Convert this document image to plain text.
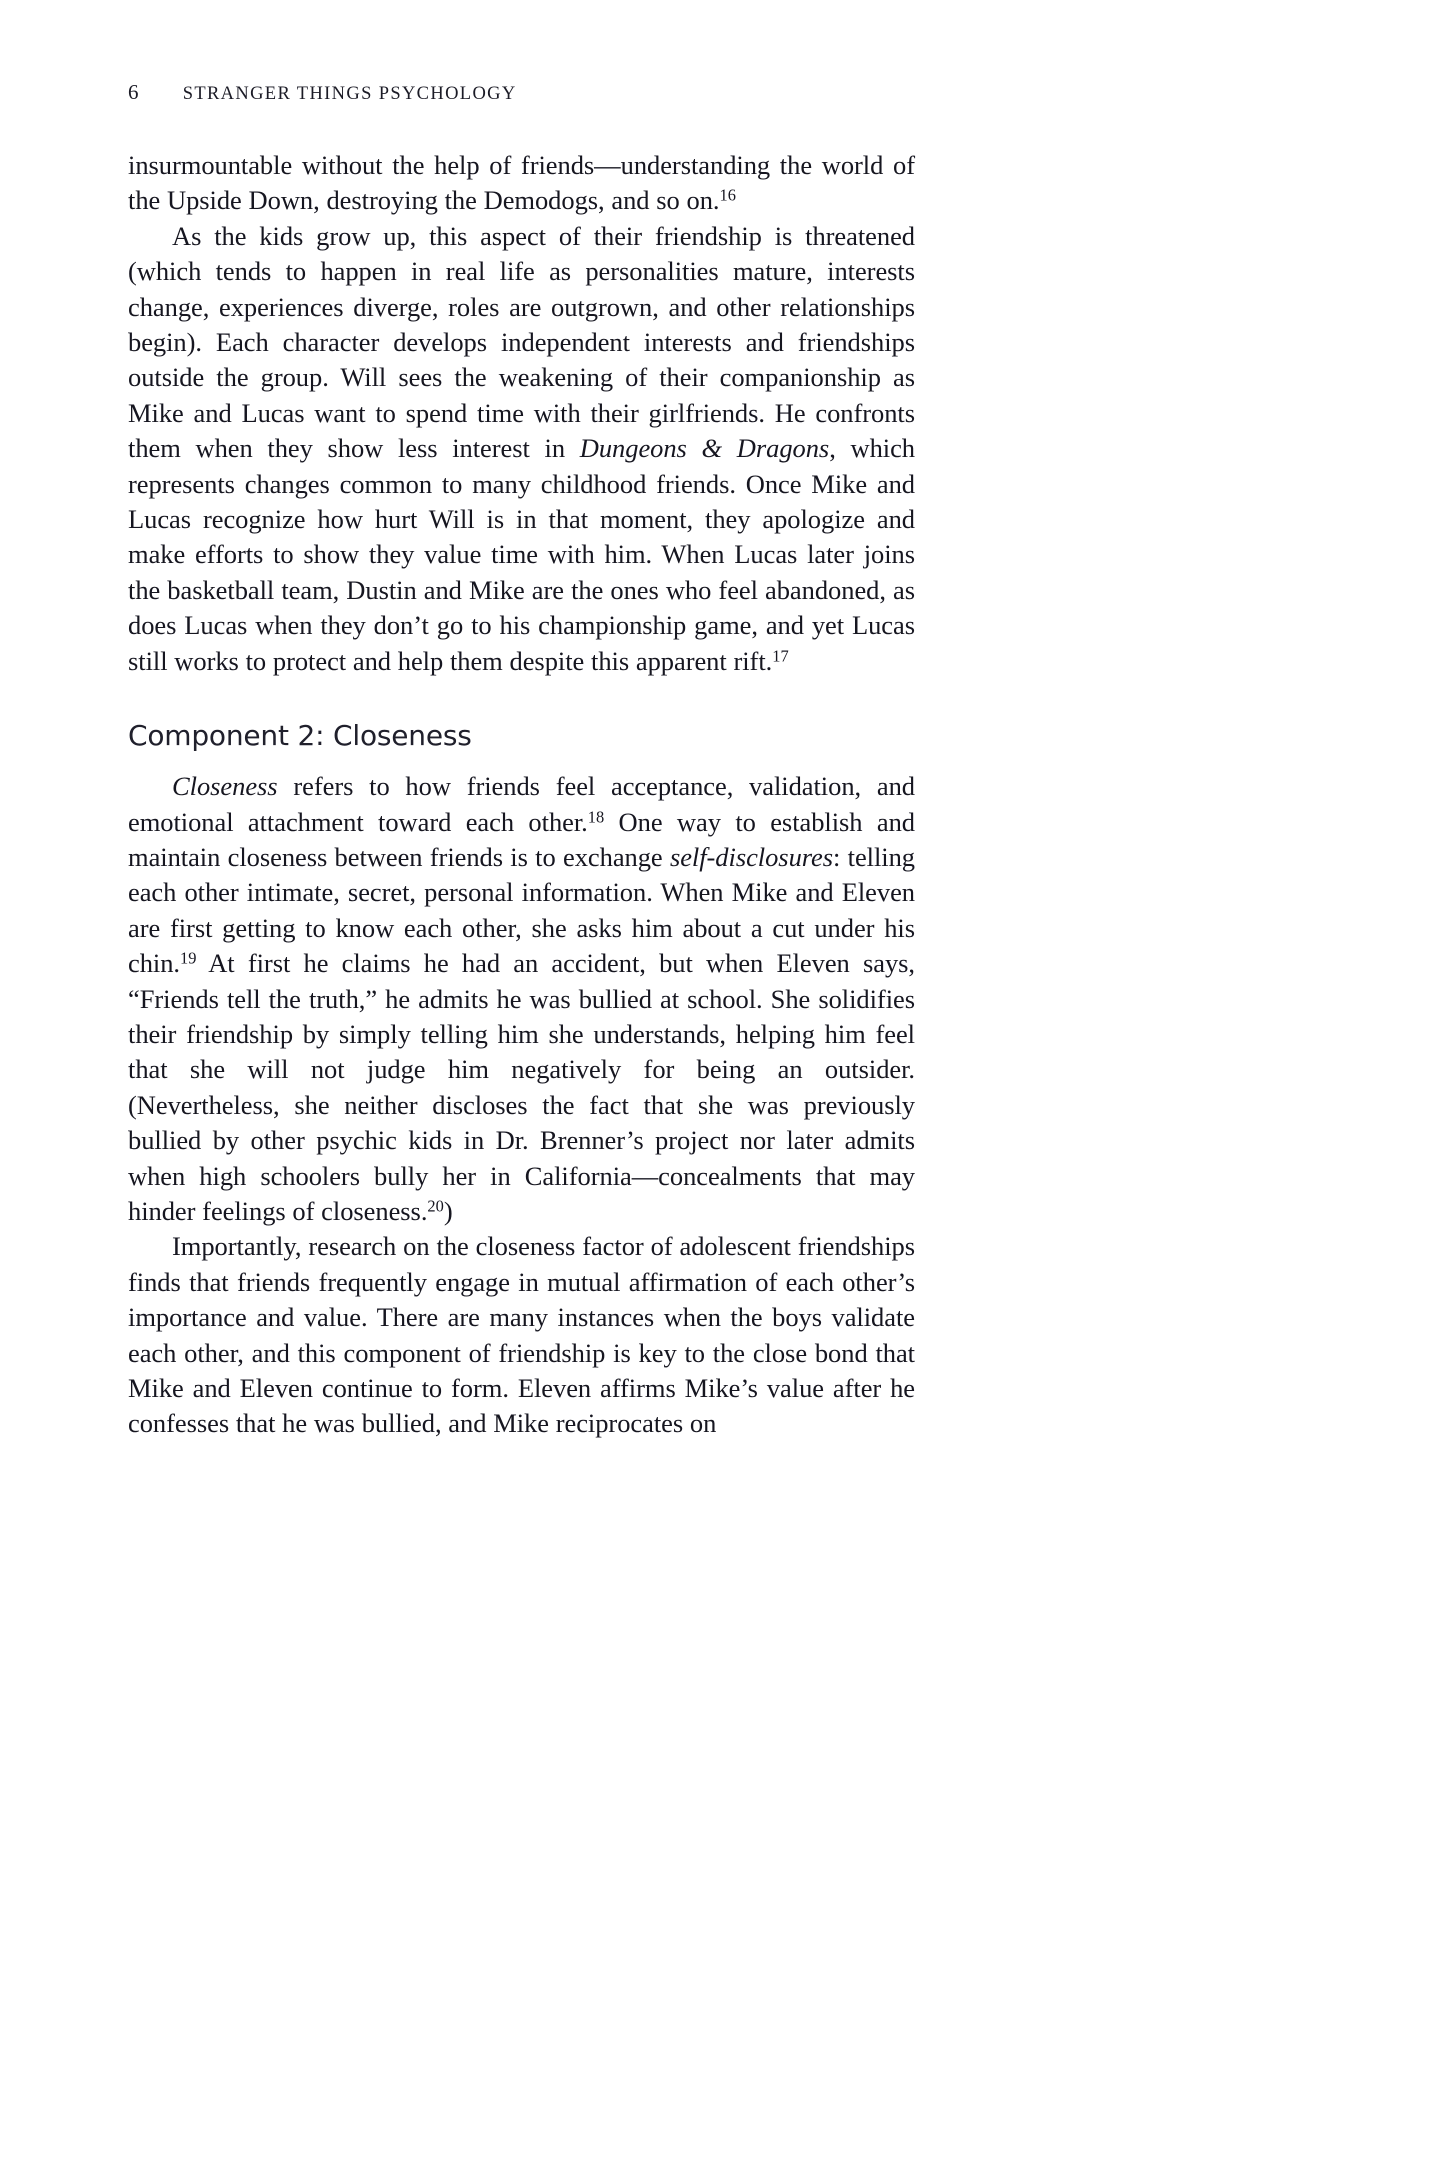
6 STRANGER THINGS PSYCHOLOGY

insurmountable without the help of friends—understanding the world of the Upside Down, destroying the Demodogs, and so on.$^{16}$

As the kids grow up, this aspect of their friendship is threatened (which tends to happen in real life as personalities mature, interests change, experiences diverge, roles are outgrown, and other relationships begin). Each character develops independent interests and friendships outside the group. Will sees the weakening of their companionship as Mike and Lucas want to spend time with their girlfriends. He confronts them when they show less interest in Dungeons & Dragons, which represents changes common to many childhood friends. Once Mike and Lucas recognize how hurt Will is in that moment, they apologize and make efforts to show they value time with him. When Lucas later joins the basketball team, Dustin and Mike are the ones who feel abandoned, as does Lucas when they don’t go to his championship game, and yet Lucas still works to protect and help them despite this apparent rift.$^{17}$

Component 2: Closeness

Closeness refers to how friends feel acceptance, validation, and emotional attachment toward each other.$^{18}$ One way to establish and maintain closeness between friends is to exchange self-disclosures: telling each other intimate, secret, personal information. When Mike and Eleven are first getting to know each other, she asks him about a cut under his chin.$^{19}$ At first he claims he had an accident, but when Eleven says, “Friends tell the truth,” he admits he was bullied at school. She solidifies their friendship by simply telling him she understands, helping him feel that she will not judge him negatively for being an outsider. (Nevertheless, she neither discloses the fact that she was previously bullied by other psychic kids in Dr. Brenner’s project nor later admits when high schoolers bully her in California—concealments that may hinder feelings of closeness.$^{20}$)

Importantly, research on the closeness factor of adolescent friendships finds that friends frequently engage in mutual affirmation of each other’s importance and value. There are many instances when the boys validate each other, and this component of friendship is key to the close bond that Mike and Eleven continue to form. Eleven affirms Mike’s value after he confesses that he was bullied, and Mike reciprocates on
